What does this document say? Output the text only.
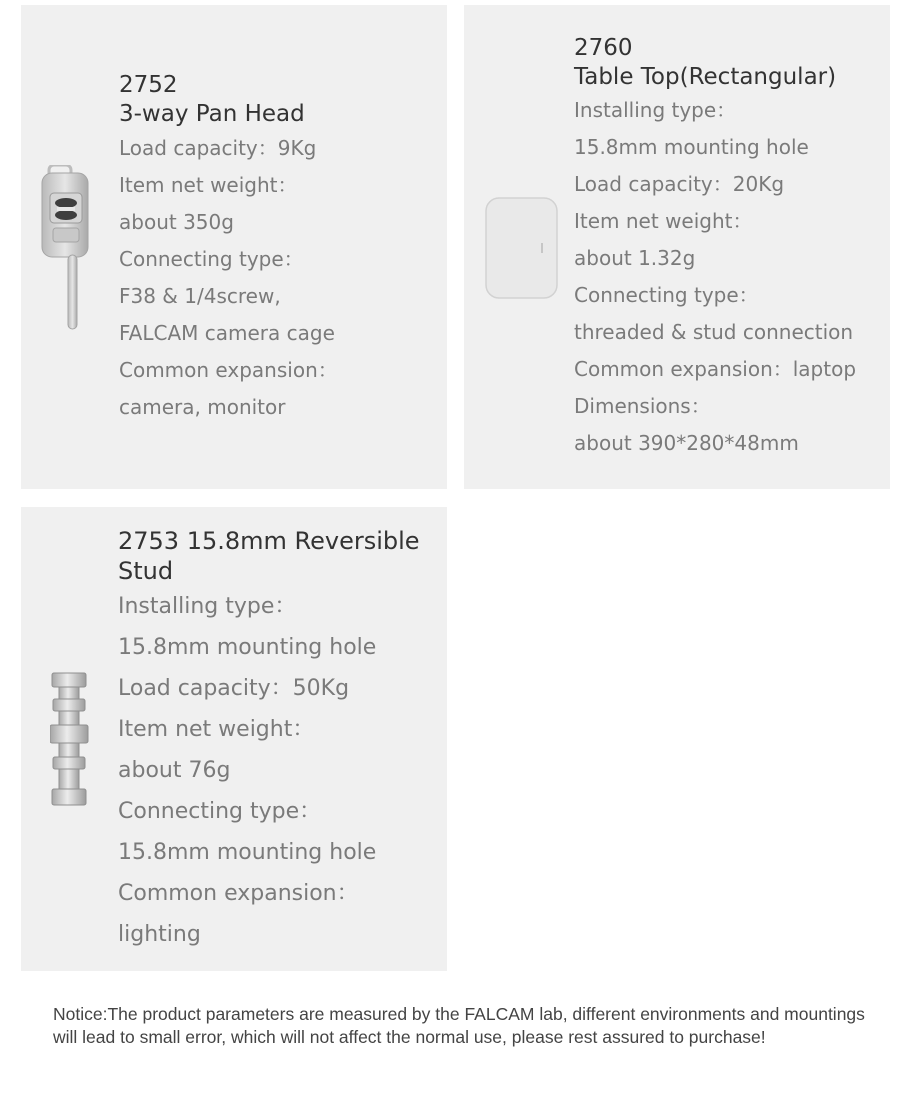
2752
3-way Pan Head

Load capacity：9Kg

Item net weight：

about 350g

Connecting type：

F38 & 1/4screw,

FALCAM camera cage

Common expansion：

camera, monitor

2760
Table Top(Rectangular)

Installing type：

15.8mm mounting hole

Load capacity：20Kg

Item net weight：

about 1.32g

Connecting type：

threaded & stud connection

Common expansion：laptop

Dimensions：

about 390*280*48mm

2753 15.8mm Reversible
Stud

Installing type：

15.8mm mounting hole

Load capacity：50Kg

Item net weight：

about 76g

Connecting type：

15.8mm mounting hole

Common expansion：

lighting

Notice:The product parameters are measured by the FALCAM lab, different environments and mountings will lead to small error, which will not affect the normal use, please rest assured to purchase!
